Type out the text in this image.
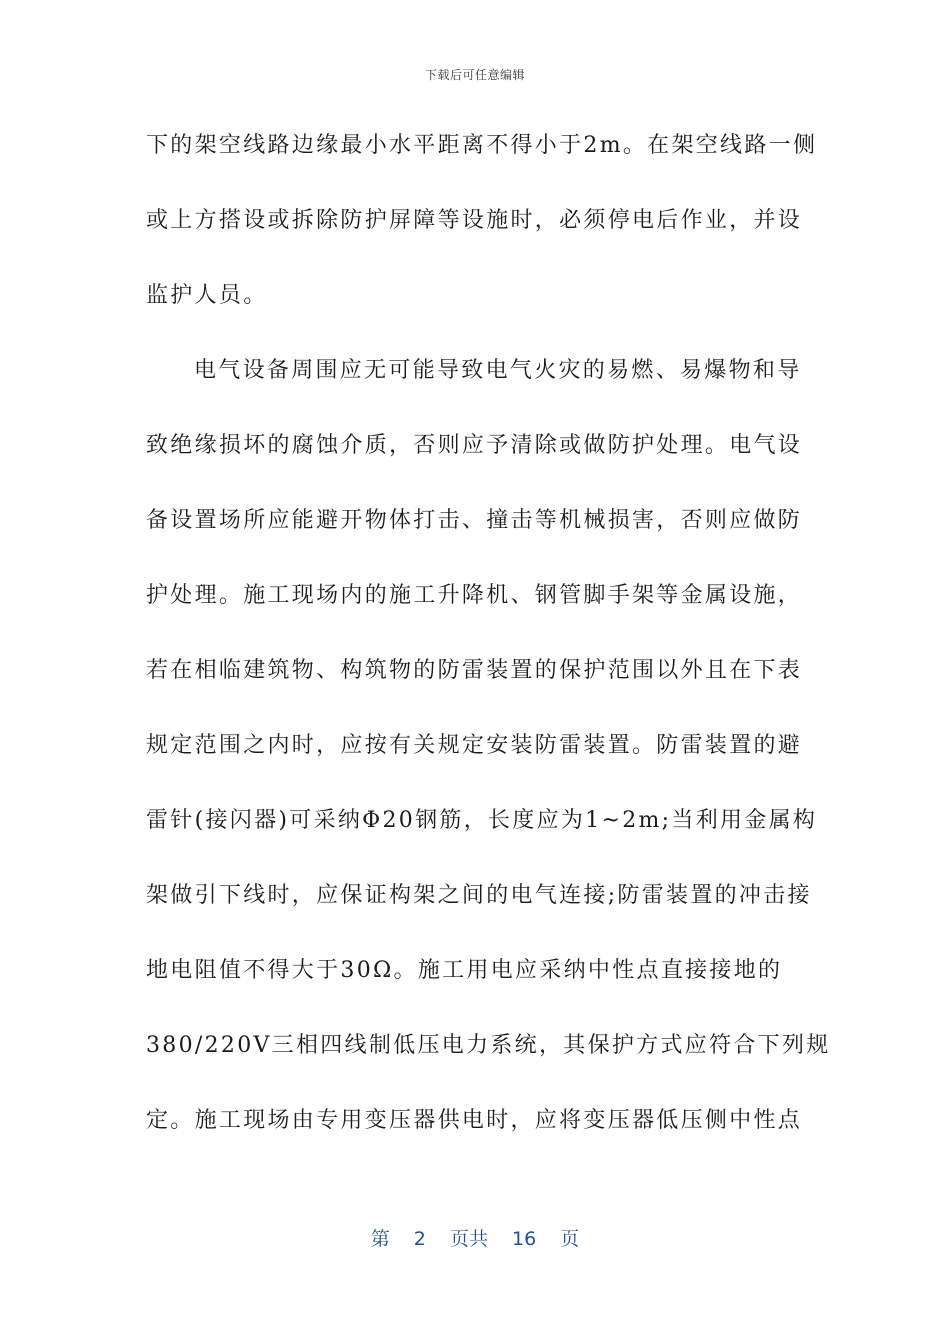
下载后可任意编辑
下的架空线路边缘最小水平距离不得小于2m。在架空线路一侧
或上方搭设或拆除防护屏障等设施时，必须停电后作业，并设
监护人员。
电气设备周围应无可能导致电气火灾的易燃、易爆物和导
致绝缘损坏的腐蚀介质，否则应予清除或做防护处理。电气设
备设置场所应能避开物体打击、撞击等机械损害，否则应做防
护处理。施工现场内的施工升降机、钢管脚手架等金属设施，
若在相临建筑物、构筑物的防雷装置的保护范围以外且在下表
规定范围之内时，应按有关规定安装防雷装置。防雷装置的避
雷针(接闪器)可采纳Φ20钢筋，长度应为1~2m;当利用金属构
架做引下线时，应保证构架之间的电气连接;防雷装置的冲击接
地电阻值不得大于30Ω。施工用电应采纳中性点直接接地的
380/220V三相四线制低压电力系统，其保护方式应符合下列规
定。施工现场由专用变压器供电时，应将变压器低压侧中性点
第 2 页共 16 页
